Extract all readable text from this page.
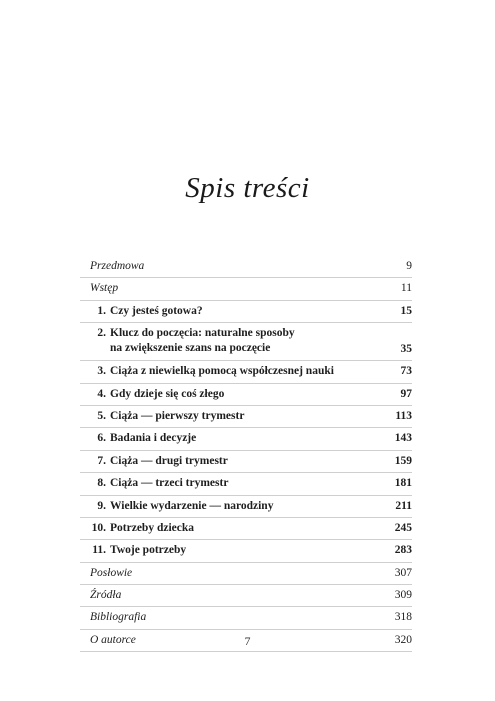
Spis treści
Przedmowa	9
Wstęp	11
1. Czy jesteś gotowa?	15
2. Klucz do poczęcia: naturalne sposoby
na zwiększenie szans na poczęcie	35
3. Ciąża z niewielką pomocą współczesnej nauki	73
4. Gdy dzieje się coś złego	97
5. Ciąża — pierwszy trymestr	113
6. Badania i decyzje	143
7. Ciąża — drugi trymestr	159
8. Ciąża — trzeci trymestr	181
9. Wielkie wydarzenie — narodziny	211
10. Potrzeby dziecka	245
11. Twoje potrzeby	283
Posłowie	307
Źródła	309
Bibliografia	318
O autorce	320
7
